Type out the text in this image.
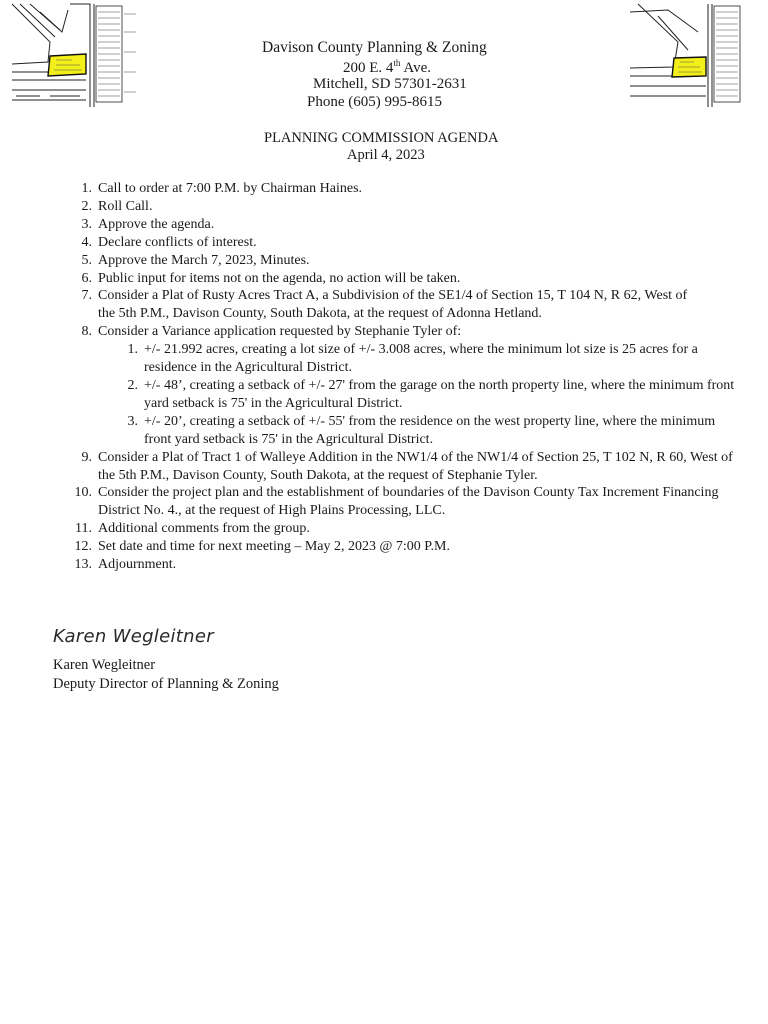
Davison County Planning & Zoning
200 E. 4th Ave.
Mitchell, SD 57301-2631
Phone (605) 995-8615
PLANNING COMMISSION AGENDA
April 4, 2023
1. Call to order at 7:00 P.M. by Chairman Haines.
2. Roll Call.
3. Approve the agenda.
4. Declare conflicts of interest.
5. Approve the March 7, 2023, Minutes.
6. Public input for items not on the agenda, no action will be taken.
7. Consider a Plat of Rusty Acres Tract A, a Subdivision of the SE1/4 of Section 15, T 104 N, R 62, West of the 5th P.M., Davison County, South Dakota, at the request of Adonna Hetland.
8. Consider a Variance application requested by Stephanie Tyler of:
1. +/- 21.992 acres, creating a lot size of +/- 3.008 acres, where the minimum lot size is 25 acres for a residence in the Agricultural District.
2. +/- 48’, creating a setback of +/- 27' from the garage on the north property line, where the minimum front yard setback is 75' in the Agricultural District.
3. +/- 20’, creating a setback of +/- 55' from the residence on the west property line, where the minimum front yard setback is 75' in the Agricultural District.
9. Consider a Plat of Tract 1 of Walleye Addition in the NW1/4 of the NW1/4 of Section 25, T 102 N, R 60, West of the 5th P.M., Davison County, South Dakota, at the request of Stephanie Tyler.
10. Consider the project plan and the establishment of boundaries of the Davison County Tax Increment Financing District No. 4., at the request of High Plains Processing, LLC.
11. Additional comments from the group.
12. Set date and time for next meeting – May 2, 2023 @ 7:00 P.M.
13. Adjournment.
Karen Wegleitner
Karen Wegleitner
Deputy Director of Planning & Zoning
